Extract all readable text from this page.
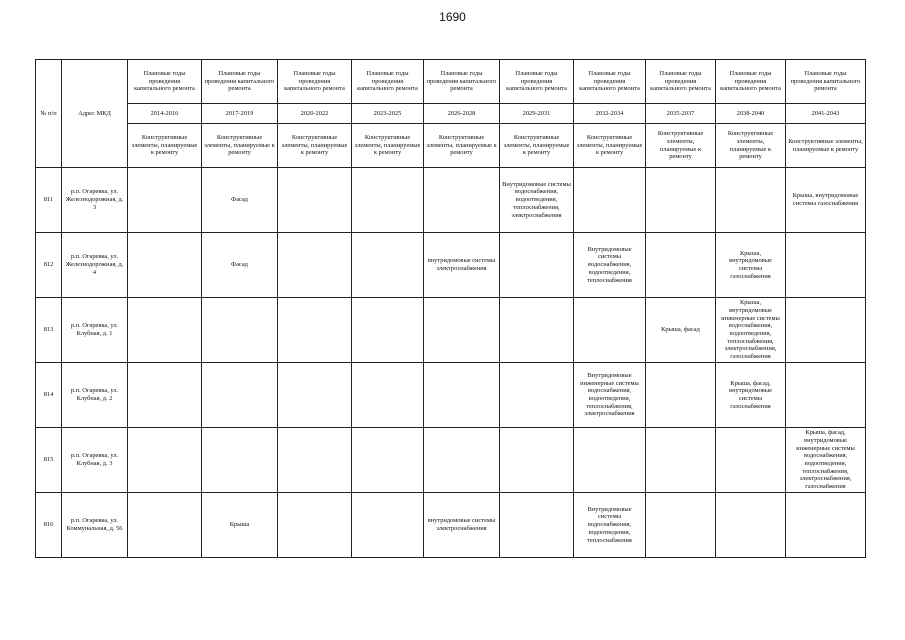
1690
№ п/п	Адрес МКД	Плановые годы проведения капитального ремонта	Плановые годы проведения капитального ремонта	Плановые годы проведения капитального ремонта	Плановые годы проведения капитального ремонта	Плановые годы проведения капитального ремонта	Плановые годы проведения капитального ремонта	Плановые годы проведения капитального ремонта	Плановые годы проведения капитального ремонта	Плановые годы проведения капитального ремонта	Плановые годы проведения капитального ремонта
		2014-2016	2017-2019	2020-2022	2023-2025	2026-2028	2029-2031	2032-2034	2035-2037	2038-2040	2041-2043
		Конструктивные элементы, планируемые к ремонту	Конструктивные элементы, планируемые к ремонту	Конструктивные элементы, планируемые к ремонту	Конструктивные элементы, планируемые к ремонту	Конструктивные элементы, планируемые к ремонту	Конструктивные элементы, планируемые к ремонту	Конструктивные элементы, планируемые к ремонту	Конструктивные элементы, планируемые к ремонту	Конструктивные элементы, планируемые к ремонту	Конструктивные элементы, планируемые к ремонту
811	р.п. Огаревка, ул. Железнодорожная, д. 3		Фасад				Внутридомовые системы водоснабжения, водоотведения, теплоснабжения, электроснабжения				Крыша, внутридомовые системы газоснабжения
812	р.п. Огаревка, ул. Железнодорожная, д. 4		Фасад			внутридомовые системы электроснабжения		Внутридомовые системы водоснабжения, водоотведения, теплоснабжения		Крыша, внутридомовые системы газоснабжения	
813	р.п. Огаревка, ул. Клубная, д. 1								Крыша, фасад	Крыша, внутридомовые инженерные системы водоснабжения, водоотведения, теплоснабжения, электроснабжения, газоснабжения	
814	р.п. Огаревка, ул. Клубная, д. 2							Внутридомовые инженерные системы водоснабжения, водоотведения, теплоснабжения, электроснабжения		Крыша, фасад, внутридомовые системы газоснабжения	
815	р.п. Огаревка, ул. Клубная, д. 3										Крыша, фасад, внутридомовые инженерные системы водоснабжения, водоотведения, теплоснабжения, электроснабжения, газоснабжения
816	р.п. Огаревка, ул. Коммунальная, д. 56		Крыша			внутридомовые системы электроснабжения		Внутридомовые системы водоснабжения, водоотведения, теплоснабжения			
